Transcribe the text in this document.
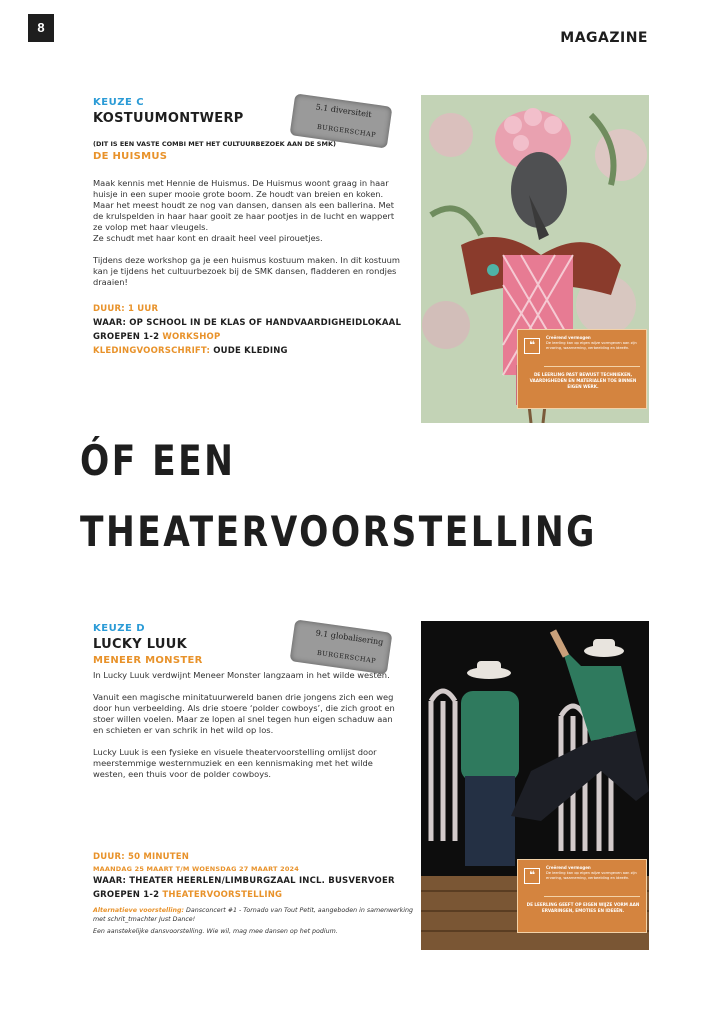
8
MAGAZINE
KEUZE C
KOSTUUMONTWERP
(DIT IS EEN VASTE COMBI MET HET CULTUURBEZOEK AAN DE SMK)
DE HUISMUS

Maak kennis met Hennie de Huismus. De Huismus woont graag in haar huisje in een super mooie grote boom. Ze houdt van breien en koken.

Maar het meest houdt ze nog van dansen, dansen als een ballerina. Met de krulspelden in haar haar gooit ze haar pootjes in de lucht en wappert ze volop met haar vleugels.

Ze schudt met haar kont en draait heel veel pirouetjes.

Tijdens deze workshop ga je een huismus kostuum maken. In dit kostuum kan je tijdens het cultuurbezoek bij de SMK dansen, fladderen en rondjes draaien!

DUUR: 1 UUR
WAAR: OP SCHOOL IN DE KLAS OF HANDVAARDIGHEIDLOKAAL
GROEPEN 1-2 WORKSHOP
KLEDINGVOORSCHRIFT: OUDE KLEDING
5.1 diversiteit
BURGERSCHAP
❝
Creërend vermogen
De leerling kan op eigen wijze vormgeven aan zijn ervaring, waarneming, verbeelding en ideeën.
DE LEERLING PAST BEWUST TECHNIEKEN, VAARDIGHEDEN EN MATERIALEN TOE BINNEN EIGEN WERK.
ÓF EEN
THEATERVOORSTELLING
KEUZE D
LUCKY LUUK
MENEER MONSTER

In Lucky Luuk verdwijnt Meneer Monster langzaam in het wilde westen.

Vanuit een magische minitatuurwereld banen drie jongens zich een weg door hun verbeelding. Als drie stoere ‘polder cowboys’, die zich groot en stoer willen voelen. Maar ze lopen al snel tegen hun eigen schaduw aan en schieten er van schrik in het wild op los.

Lucky Luuk is een fysieke en visuele theatervoorstelling omlijst door meerstemmige westernmuziek en een kennismaking met het wilde westen, een thuis voor de polder cowboys.

DUUR: 50 MINUTEN
MAANDAG 25 MAART T/M WOENSDAG 27 MAART 2024
WAAR: THEATER HEERLEN/LIMBURGZAAL INCL. BUSVERVOER
GROEPEN 1-2 THEATERVOORSTELLING
Alternatieve voorstelling: Dansconcert #1 - Tornado van Tout Petit, aangeboden in samenwerking met schrit_tmachter Just Dance!
Een aanstekelijke dansvoorstelling. Wie wil, mag mee dansen op het podium.
9.1 globalisering
BURGERSCHAP
❝
Creërend vermogen
De leerling kan op eigen wijze vormgeven aan zijn ervaring, waarneming, verbeelding en ideeën.
DE LEERLING GEEFT OP EIGEN WIJZE VORM AAN ERVARINGEN, EMOTIES EN IDEEËN.
